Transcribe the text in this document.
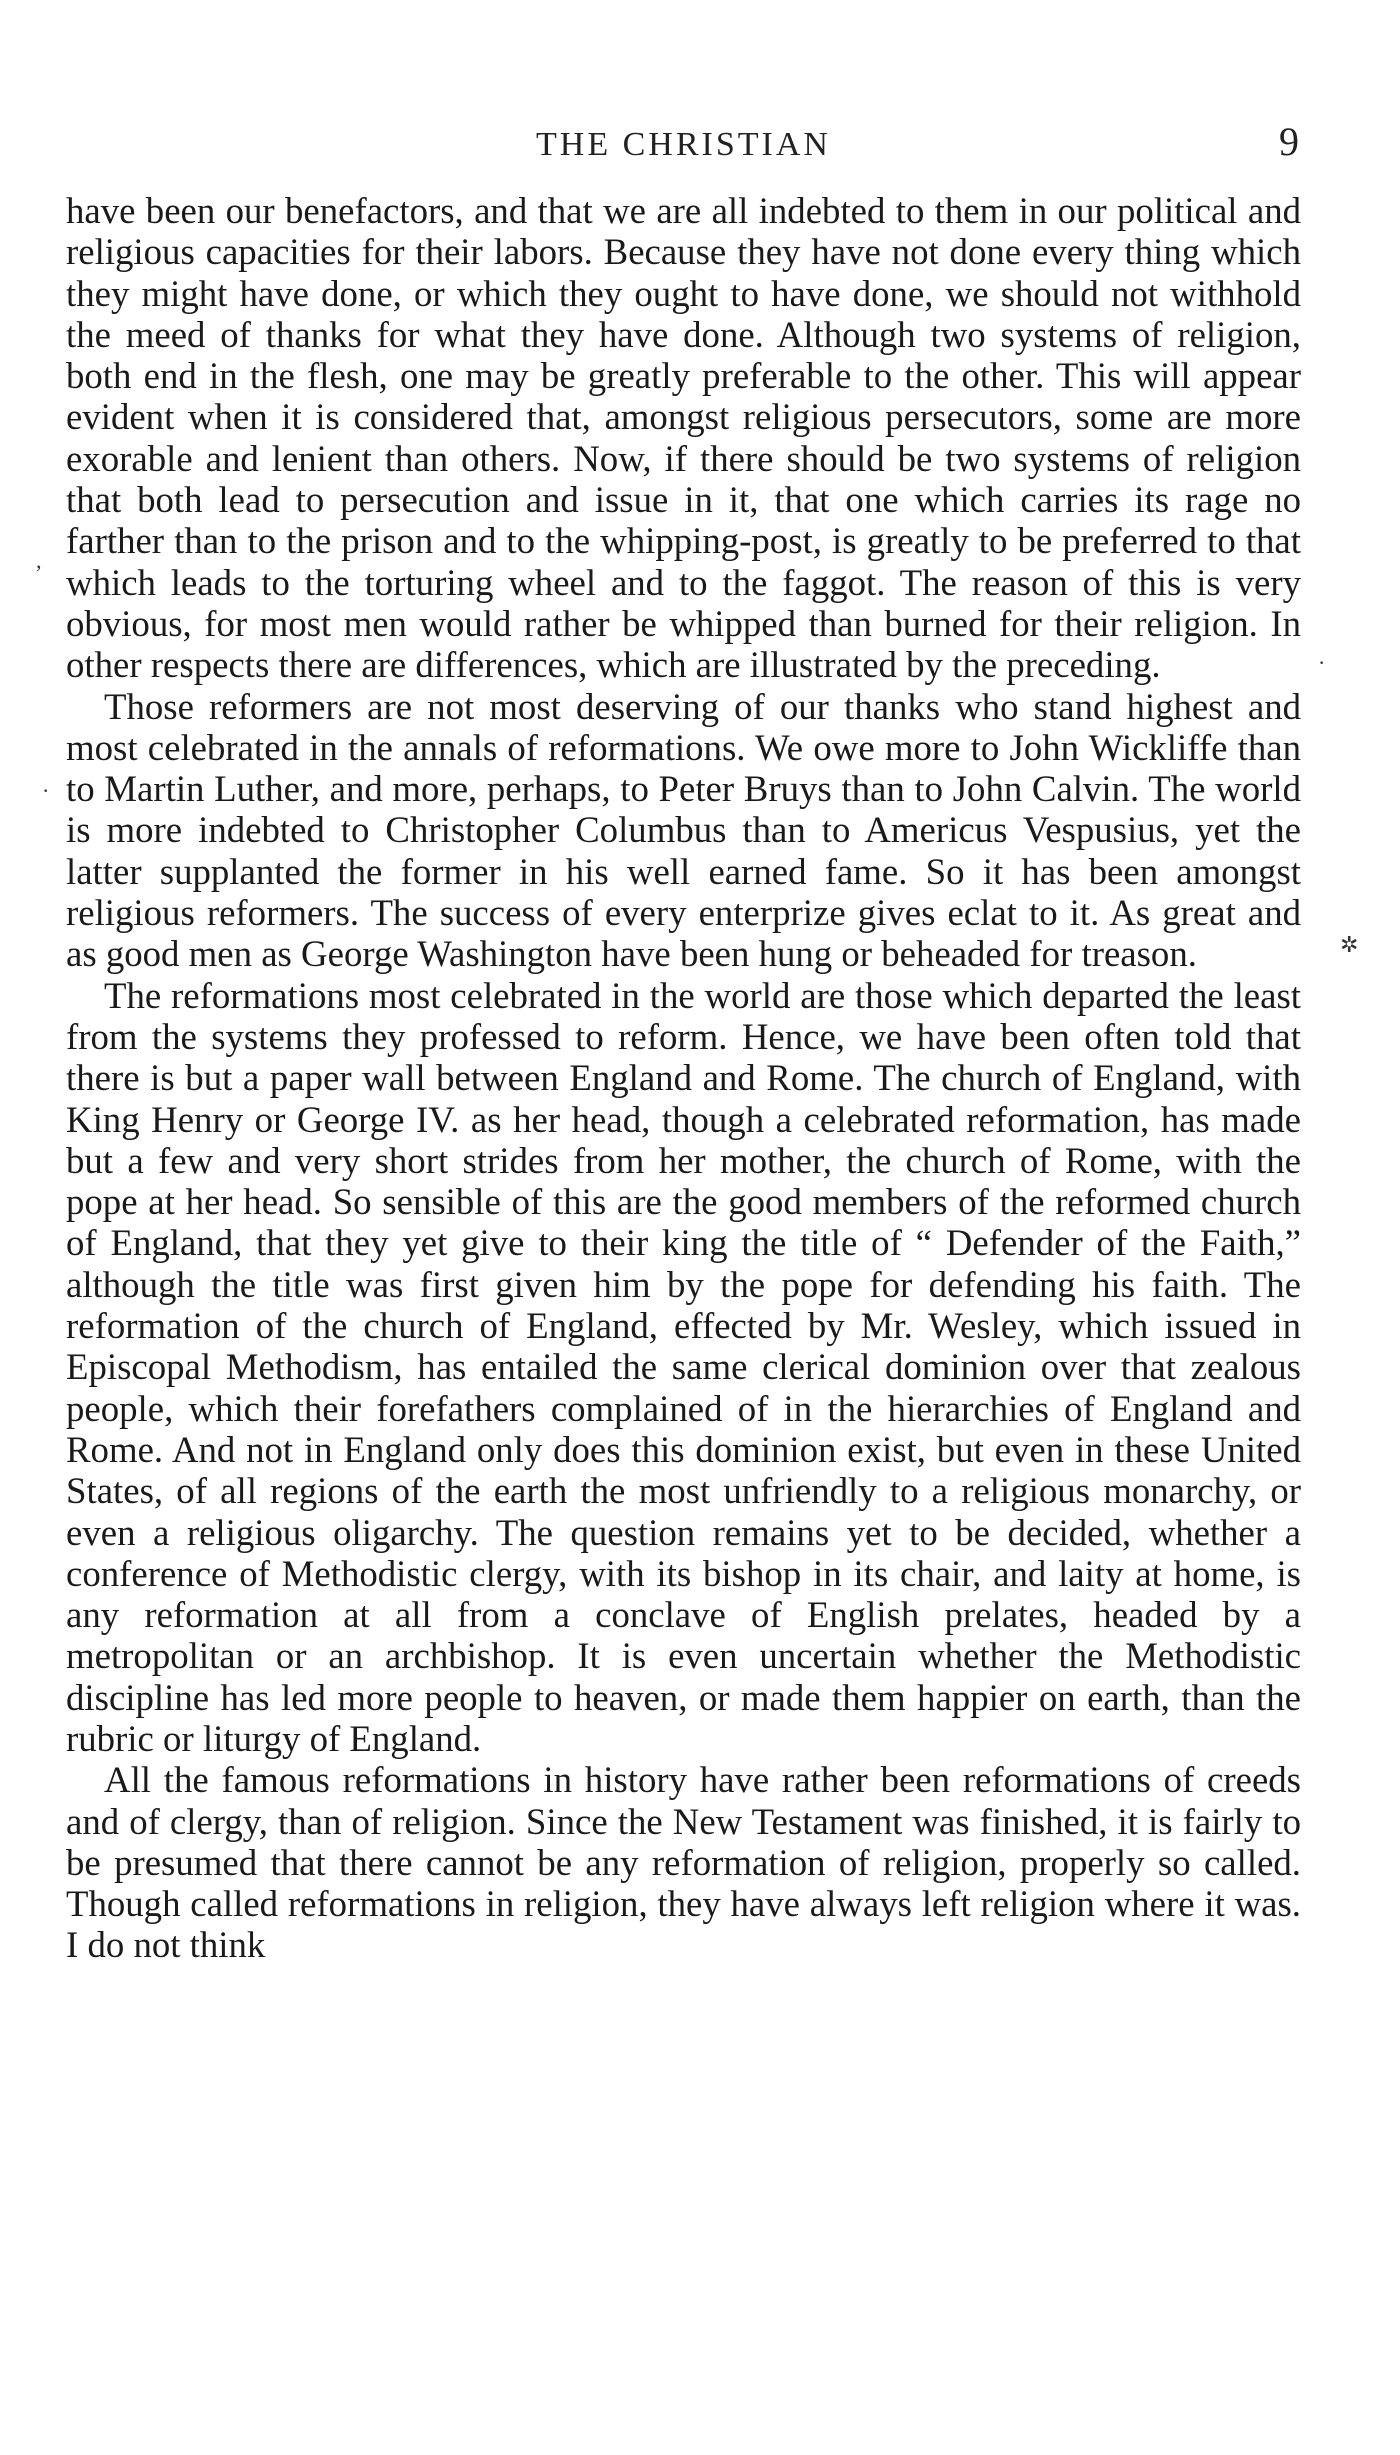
THE CHRISTIAN	9

have been our benefactors, and that we are all indebted to them in our political and religious capacities for their labors. Because they have not done every thing which they might have done, or which they ought to have done, we should not withhold the meed of thanks for what they have done. Although two systems of religion, both end in the flesh, one may be greatly preferable to the other. This will appear evident when it is considered that, amongst religious persecutors, some are more exorable and lenient than others. Now, if there should be two systems of religion that both lead to persecution and issue in it, that one which carries its rage no farther than to the prison and to the whipping-post, is greatly to be preferred to that which leads to the torturing wheel and to the faggot. The reason of this is very obvious, for most men would rather be whipped than burned for their religion. In other respects there are differences, which are illustrated by the preceding.

Those reformers are not most deserving of our thanks who stand highest and most celebrated in the annals of reformations. We owe more to John Wickliffe than to Martin Luther, and more, perhaps, to Peter Bruys than to John Calvin. The world is more indebted to Christopher Columbus than to Americus Vespusius, yet the latter supplanted the former in his well earned fame. So it has been amongst religious reformers. The success of every enterprize gives eclat to it. As great and as good men as George Washington have been hung or beheaded for treason.

The reformations most celebrated in the world are those which departed the least from the systems they professed to reform. Hence, we have been often told that there is but a paper wall between England and Rome. The church of England, with King Henry or George IV. as her head, though a celebrated reformation, has made but a few and very short strides from her mother, the church of Rome, with the pope at her head. So sensible of this are the good members of the reformed church of England, that they yet give to their king the title of “ Defender of the Faith,” although the title was first given him by the pope for defending his faith. The reformation of the church of England, effected by Mr. Wesley, which issued in Episcopal Methodism, has entailed the same clerical dominion over that zealous people, which their forefathers complained of in the hierarchies of England and Rome. And not in England only does this dominion exist, but even in these United States, of all regions of the earth the most unfriendly to a religious monarchy, or even a religious oligarchy. The question remains yet to be decided, whether a conference of Methodistic clergy, with its bishop in its chair, and laity at home, is any reformation at all from a conclave of English prelates, headed by a metropolitan or an archbishop. It is even uncertain whether the Methodistic discipline has led more people to heaven, or made them happier on earth, than the rubric or liturgy of England.

All the famous reformations in history have rather been reformations of creeds and of clergy, than of religion. Since the New Testament was finished, it is fairly to be presumed that there cannot be any reformation of religion, properly so called. Though called reformations in religion, they have always left religion where it was. I do not think

,
·
·
✲
